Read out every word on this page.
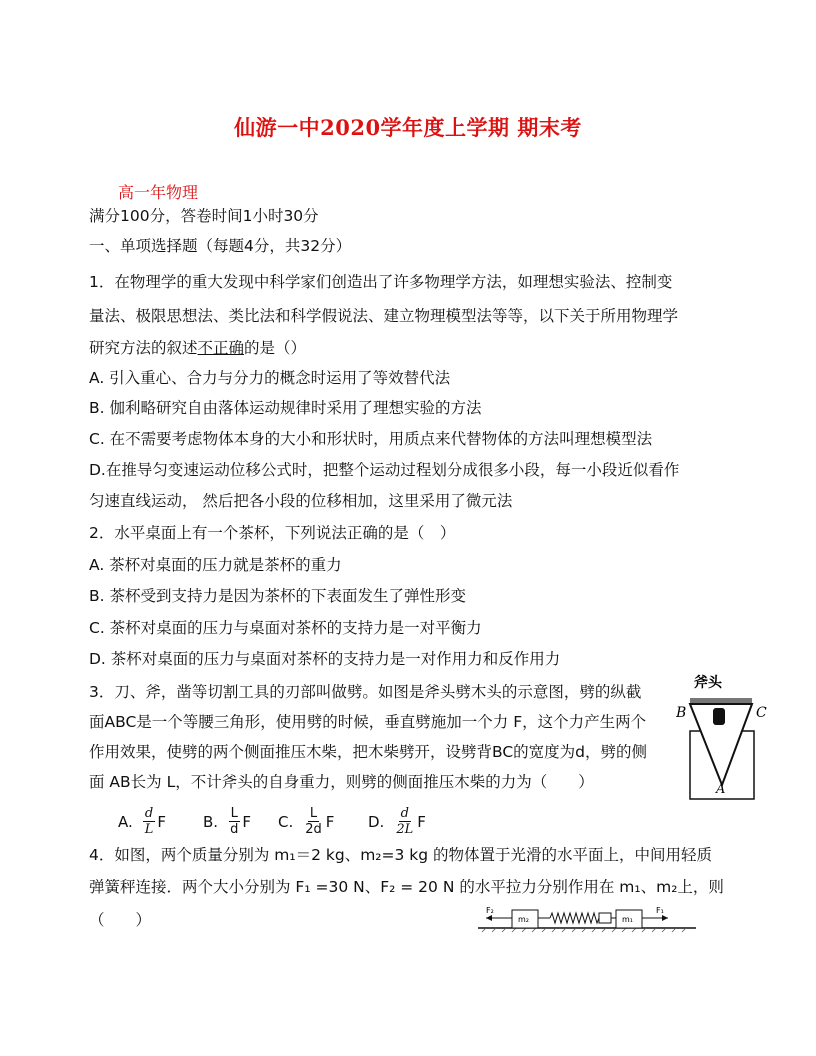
仙游一中2020学年度上学期 期末考
高一年物理
满分100分，答卷时间1小时30分
一、单项选择题（每题4分，共32分）
1．在物理学的重大发现中科学家们创造出了许多物理学方法，如理想实验法、控制变
量法、极限思想法、类比法和科学假说法、建立物理模型法等等，以下关于所用物理学
研究方法的叙述不正确的是（）
A. 引入重心、合力与分力的概念时运用了等效替代法
B. 伽利略研究自由落体运动规律时采用了理想实验的方法
C. 在不需要考虑物体本身的大小和形状时，用质点来代替物体的方法叫理想模型法
D.在推导匀变速运动位移公式时，把整个运动过程划分成很多小段，每一小段近似看作
匀速直线运动， 然后把各小段的位移相加，这里采用了微元法
2．水平桌面上有一个茶杯，下列说法正确的是（　）
A. 茶杯对桌面的压力就是茶杯的重力
B. 茶杯受到支持力是因为茶杯的下表面发生了弹性形变
C. 茶杯对桌面的压力与桌面对茶杯的支持力是一对平衡力
D. 茶杯对桌面的压力与桌面对茶杯的支持力是一对作用力和反作用力
3．刀、斧，凿等切割工具的刃部叫做劈。如图是斧头劈木头的示意图，劈的纵截
面ABC是一个等腰三角形，使用劈的时候，垂直劈施加一个力 F，这个力产生两个
作用效果，使劈的两个侧面推压木柴，把木柴劈开，设劈背BC的宽度为d，劈的侧
面 AB长为 L，不计斧头的自身重力，则劈的侧面推压木柴的力为（　　）
A. $\frac{d}{L}$ F B. $\frac{L}{d}$ F C. $\frac{L}{2d}$ F D. $\frac{d}{2L}$ F
斧头
B	C
A
4．如图，两个质量分别为 m₁＝2 kg、m₂=3 kg 的物体置于光滑的水平面上，中间用轻质
弹簧秤连接．两个大小分别为 F₁ =30 N、F₂ = 20 N 的水平拉力分别作用在 m₁、m₂上，则
（　　）
F₂
m₂	m₁
F₁
